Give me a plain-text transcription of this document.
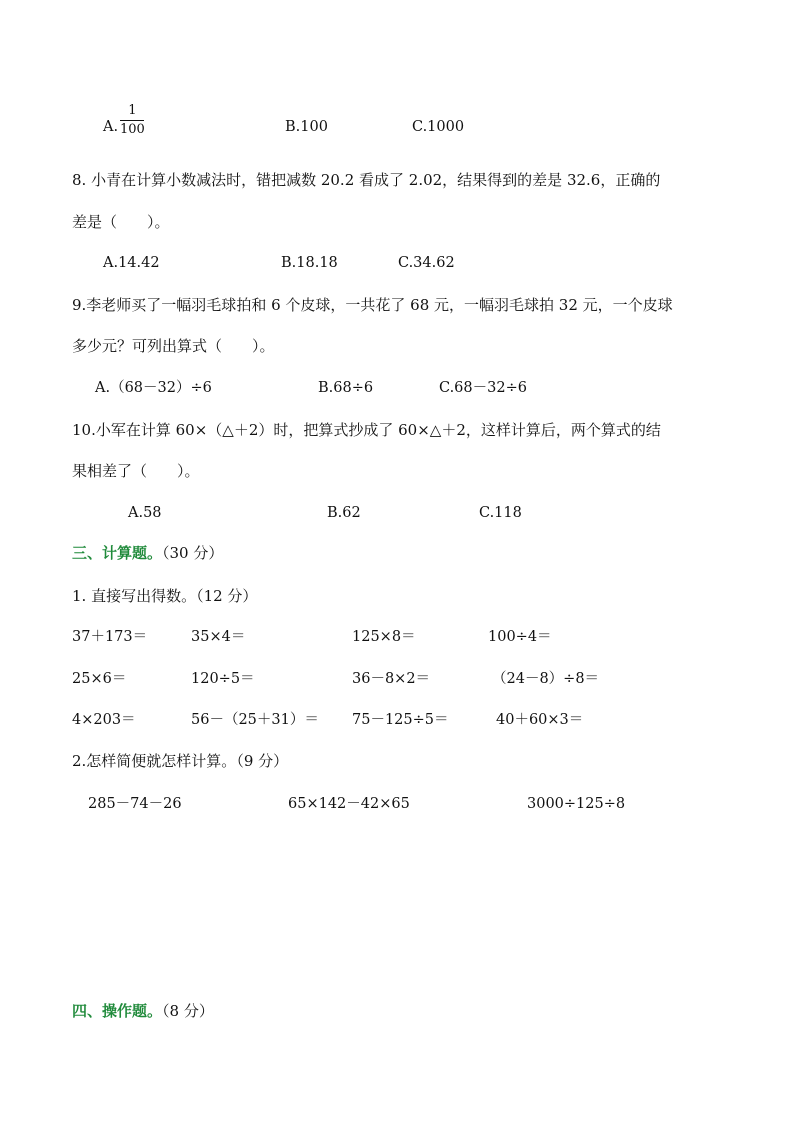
A.
1
100	B.100	C.1000
8. 小青在计算小数减法时，错把减数 20.2 看成了 2.02，结果得到的差是 32.6，正确的
差是（　　）。
A.14.42	B.18.18	C.34.62
9.李老师买了一幅羽毛球拍和 6 个皮球，一共花了 68 元，一幅羽毛球拍 32 元，一个皮球
多少元？可列出算式（　　）。
A.（68－32）÷6	B.68÷6	C.68－32÷6
10.小军在计算 60×（△＋2）时，把算式抄成了 60×△＋2，这样计算后，两个算式的结
果相差了（　　）。
A.58	B.62	C.118
三、计算题。（30 分）
1. 直接写出得数。（12 分）
37＋173＝	35×4＝	125×8＝	100÷4＝
25×6＝	120÷5＝	36－8×2＝	（24－8）÷8＝
4×203＝	56－（25＋31）＝ 75－125÷5＝	40＋60×3＝
2.怎样简便就怎样计算。（9 分）
285－74－26	65×142－42×65	3000÷125÷8
四、操作题。（8 分）
